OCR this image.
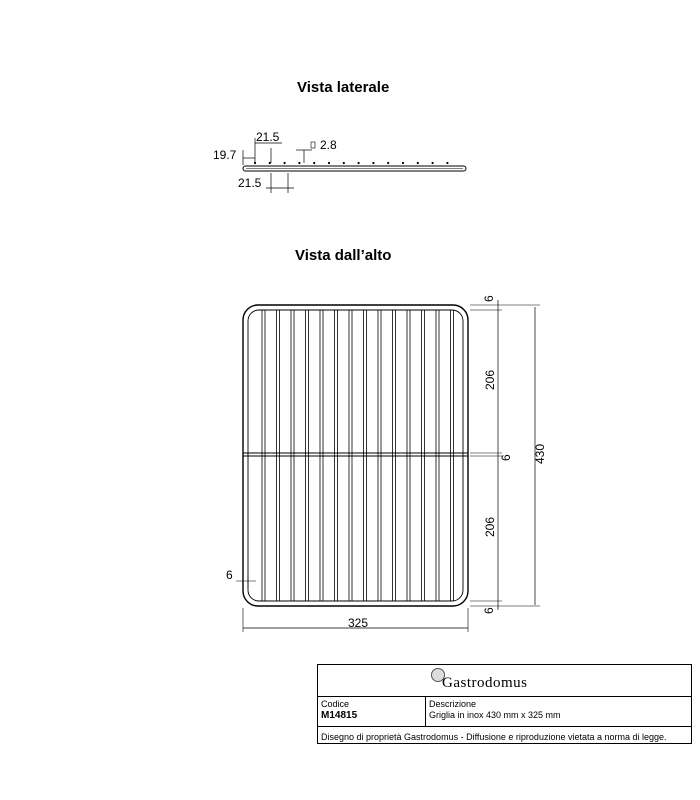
Vista laterale
Vista dall’alto
21.5
19.7
2.8
21.5
6
206
6 430
206
6
6
325
Gastrodomus
Codice
M14815
Descrizione
Griglia in inox 430 mm x 325 mm
Disegno di proprietà Gastrodomus - Diffusione e riproduzione vietata a norma di legge.
